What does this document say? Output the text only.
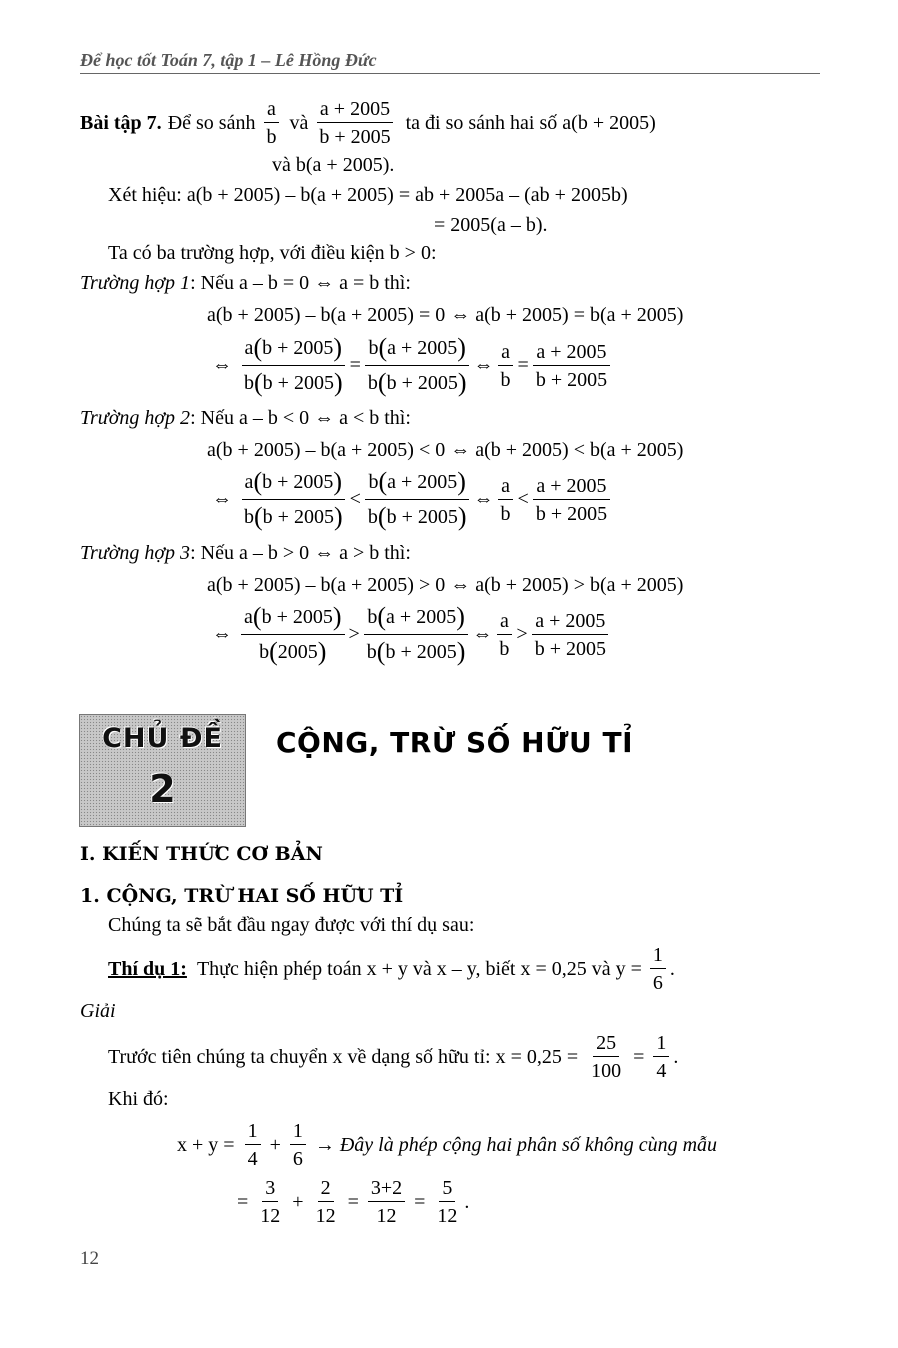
Để học tốt Toán 7, tập 1 – Lê Hồng Đức
Bài tập 7. Để so sánh $\frac{a}{b}$ và $\frac{a + 2005}{b + 2005}$ ta đi so sánh hai số a(b + 2005)
và b(a + 2005).
Xét hiệu: a(b + 2005) – b(a + 2005) = ab + 2005a – (ab + 2005b)
= 2005(a – b).
Ta có ba trường hợp, với điều kiện b > 0:
Trường hợp 1: Nếu a – b = 0 ⇔ a = b thì:
a(b + 2005) – b(a + 2005) = 0 ⇔ a(b + 2005) = b(a + 2005)
⇔ $\frac{a(b + 2005)}{b(b + 2005)} = \frac{b(a + 2005)}{b(b + 2005)}$ ⇔ $\frac{a}{b} = \frac{a + 2005}{b + 2005}$
Trường hợp 2: Nếu a – b < 0 ⇔ a < b thì:
a(b + 2005) – b(a + 2005) < 0 ⇔ a(b + 2005) < b(a + 2005)
⇔ $\frac{a(b + 2005)}{b(b + 2005)} < \frac{b(a + 2005)}{b(b + 2005)}$ ⇔ $\frac{a}{b} < \frac{a + 2005}{b + 2005}$
Trường hợp 3: Nếu a – b > 0 ⇔ a > b thì:
a(b + 2005) – b(a + 2005) > 0 ⇔ a(b + 2005) > b(a + 2005)
⇔ $\frac{a(b + 2005)}{b(2005)} > \frac{b(a + 2005)}{b(b + 2005)}$ ⇔ $\frac{a}{b} > \frac{a + 2005}{b + 2005}$
CHỦ ĐỀ
2
CỘNG, TRỪ SỐ HỮU TỈ
I. KIẾN THỨC CƠ BẢN
1. CỘNG, TRỪ HAI SỐ HỮU TỈ
Chúng ta sẽ bắt đầu ngay được với thí dụ sau:
Thí dụ 1: Thực hiện phép toán x + y và x – y, biết x = 0,25 và $y = \frac{1}{6}$ .
Giải
Trước tiên chúng ta chuyển x về dạng số hữu tỉ: $x = 0,25 = \frac{25}{100} = \frac{1}{4}$ .
Khi đó:
$x + y = \frac{1}{4} + \frac{1}{6}$ → Đây là phép cộng hai phân số không cùng mẫu
= $\frac{3}{12} + \frac{2}{12} = \frac{3+2}{12} = \frac{5}{12}$ .
12
